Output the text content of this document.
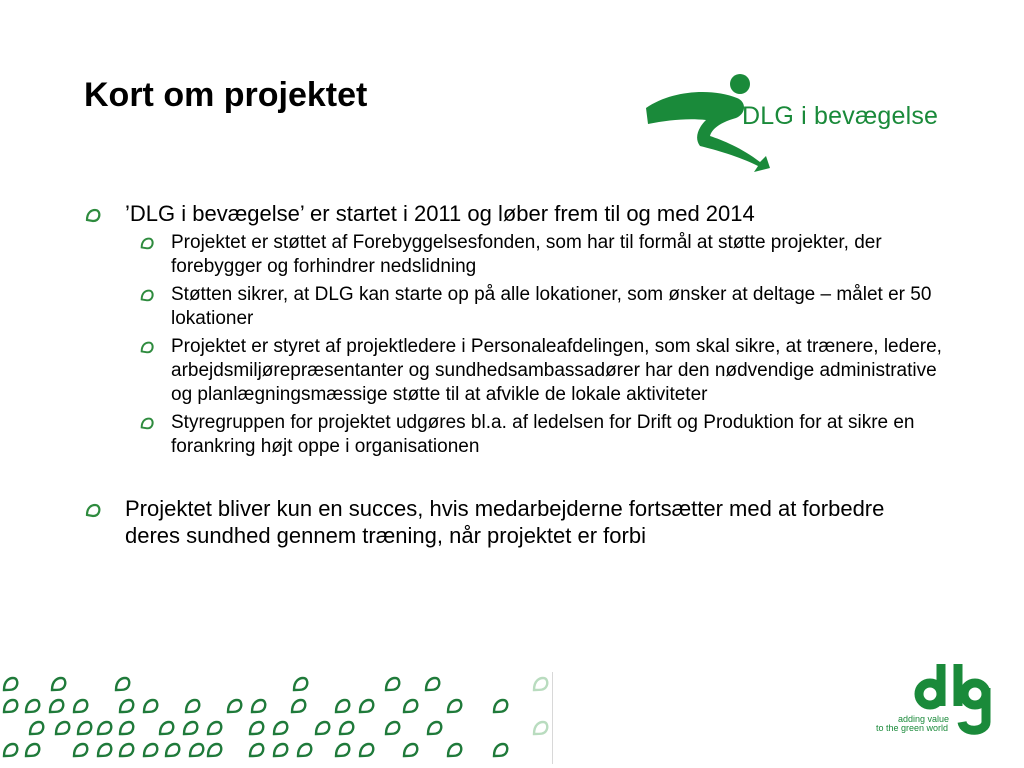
Kort om projektet
DLG i bevægelse
’DLG i bevægelse’ er startet i 2011 og løber frem til og med 2014
Projektet er støttet af Forebyggelsesfonden, som har til formål at støtte projekter, der forebygger og forhindrer nedslidning
Støtten sikrer, at DLG kan starte op på alle lokationer, som ønsker at deltage – målet er 50 lokationer
Projektet er styret af projektledere i Personaleafdelingen, som skal sikre, at trænere, ledere, arbejdsmiljørepræsentanter og sundhedsambassadører har den nødvendige administrative og planlægningsmæssige støtte til at afvikle de lokale aktiviteter
Styregruppen for projektet udgøres bl.a. af ledelsen for Drift og Produktion for at sikre en forankring højt oppe i organisationen
Projektet bliver kun en succes, hvis medarbejderne fortsætter med at forbedre deres sundhed gennem træning, når projektet er forbi
adding value
to the green world
